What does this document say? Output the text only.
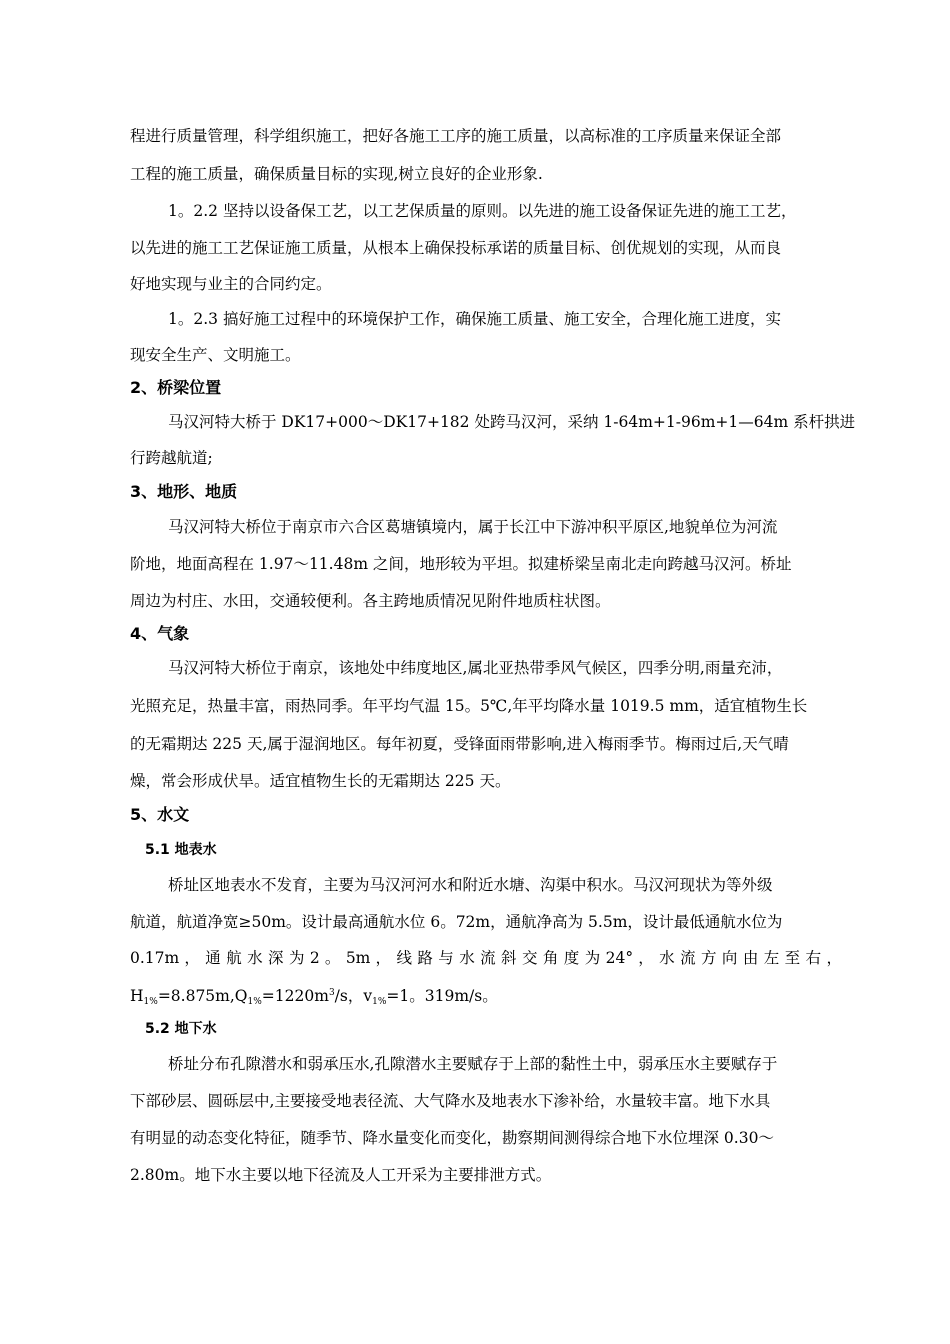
程进行质量管理，科学组织施工，把好各施工工序的施工质量，以高标准的工序质量来保证全部
工程的施工质量，确保质量目标的实现,树立良好的企业形象.
1。2.2 坚持以设备保工艺，以工艺保质量的原则。以先进的施工设备保证先进的施工工艺，
以先进的施工工艺保证施工质量，从根本上确保投标承诺的质量目标、创优规划的实现，从而良
好地实现与业主的合同约定。
1。2.3 搞好施工过程中的环境保护工作，确保施工质量、施工安全，合理化施工进度，实
现安全生产、文明施工。
2、桥梁位置
马汉河特大桥于 DK17+000～DK17+182 处跨马汉河，采纳 1-64m+1-96m+1—64m 系杆拱进
行跨越航道;
3、地形、地质
马汉河特大桥位于南京市六合区葛塘镇境内，属于长江中下游冲积平原区,地貌单位为河流
阶地，地面高程在 1.97～11.48m 之间，地形较为平坦。拟建桥梁呈南北走向跨越马汉河。桥址
周边为村庄、水田，交通较便利。各主跨地质情况见附件地质柱状图。
4、气象
马汉河特大桥位于南京，该地处中纬度地区,属北亚热带季风气候区，四季分明,雨量充沛，
光照充足，热量丰富，雨热同季。年平均气温 15。5℃,年平均降水量 1019.5 mm，适宜植物生长
的无霜期达 225 天,属于湿润地区。每年初夏，受锋面雨带影响,进入梅雨季节。梅雨过后,天气晴
燥，常会形成伏旱。适宜植物生长的无霜期达 225 天。
5、水文
5.1 地表水
桥址区地表水不发育，主要为马汉河河水和附近水塘、沟渠中积水。马汉河现状为等外级
航道，航道净宽≥50m。设计最高通航水位 6。72m，通航净高为 5.5m，设计最低通航水位为
0.17m ， 通 航 水 深 为 2 。 5m ， 线 路 与 水 流 斜 交 角 度 为 24° ， 水 流 方 向 由 左 至 右 ，
$H_{1\%}=8.875m,Q_{1\%}=1220m^3/s$，$v_{1\%}=1$。319m/s。
5.2 地下水
桥址分布孔隙潜水和弱承压水,孔隙潜水主要赋存于上部的黏性土中，弱承压水主要赋存于
下部砂层、圆砾层中,主要接受地表径流、大气降水及地表水下渗补给，水量较丰富。地下水具
有明显的动态变化特征，随季节、降水量变化而变化，勘察期间测得综合地下水位埋深 0.30～
2.80m。地下水主要以地下径流及人工开采为主要排泄方式。
